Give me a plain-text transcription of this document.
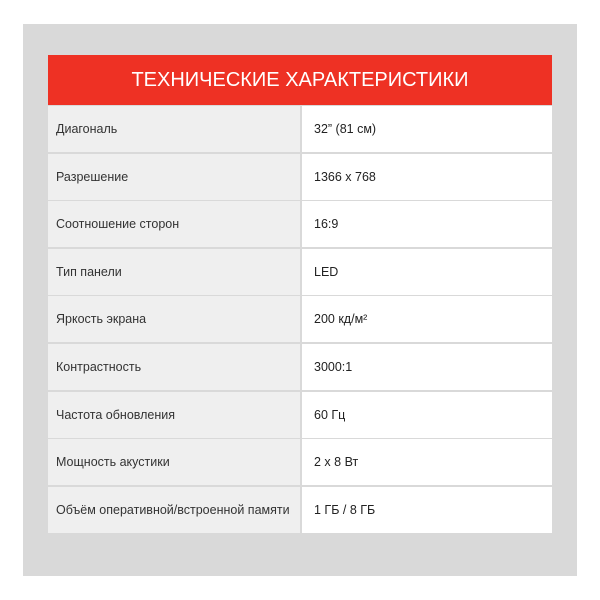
ТЕХНИЧЕСКИЕ ХАРАКТЕРИСТИКИ
Диагональ	32” (81 см)
Разрешение	1366 x 768
Соотношение сторон	16:9
Тип панели	LED
Яркость экрана	200 кд/м²
Контрастность	3000:1
Частота обновления	60 Гц
Мощность акустики	2 x 8 Вт
Объём оперативной/встроенной памяти	1 ГБ / 8 ГБ
